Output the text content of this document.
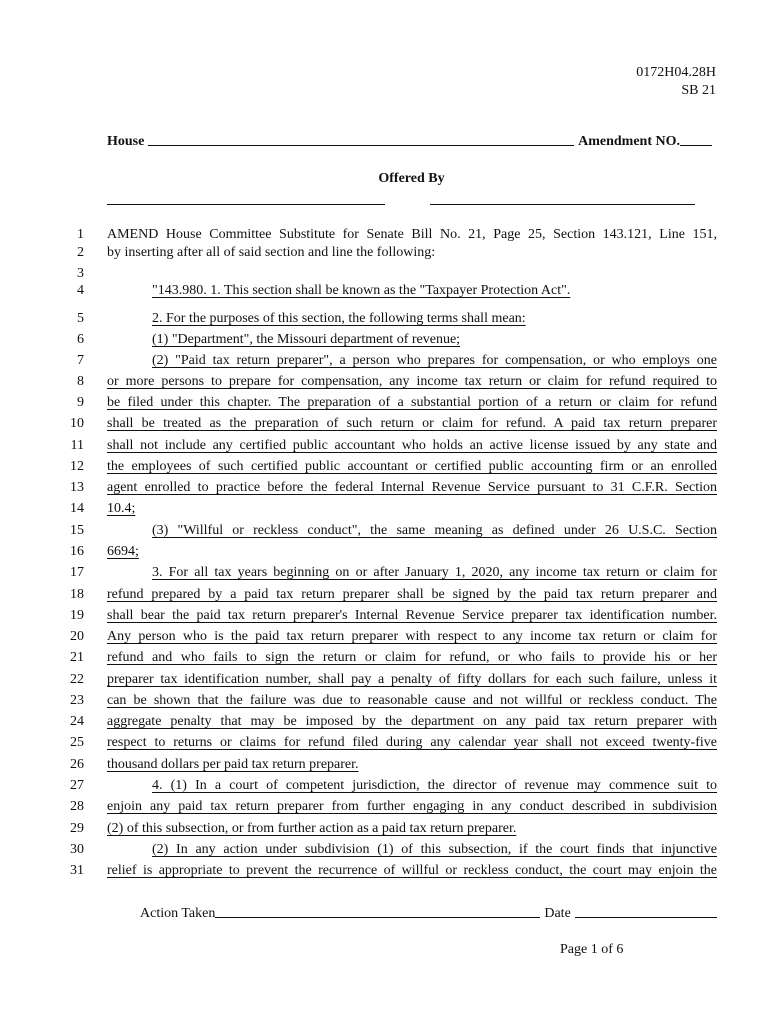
0172H04.28H
SB 21
House	Amendment NO.
Offered By
1 AMEND House Committee Substitute for Senate Bill No. 21, Page 25, Section 143.121, Line 151,
2 by inserting after all of said section and line the following:
3
4	"143.980. 1. This section shall be known as the "Taxpayer Protection Act".
5	2. For the purposes of this section, the following terms shall mean:
6	(1) "Department", the Missouri department of revenue;
7	(2) "Paid tax return preparer", a person who prepares for compensation, or who employs one
8 or more persons to prepare for compensation, any income tax return or claim for refund required to
9 be filed under this chapter. The preparation of a substantial portion of a return or claim for refund
10 shall be treated as the preparation of such return or claim for refund. A paid tax return preparer
11 shall not include any certified public accountant who holds an active license issued by any state and
12 the employees of such certified public accountant or certified public accounting firm or an enrolled
13 agent enrolled to practice before the federal Internal Revenue Service pursuant to 31 C.F.R. Section
14 10.4;
15	(3) "Willful or reckless conduct", the same meaning as defined under 26 U.S.C. Section
16 6694;
17	3. For all tax years beginning on or after January 1, 2020, any income tax return or claim for
18 refund prepared by a paid tax return preparer shall be signed by the paid tax return preparer and
19 shall bear the paid tax return preparer's Internal Revenue Service preparer tax identification number.
20 Any person who is the paid tax return preparer with respect to any income tax return or claim for
21 refund and who fails to sign the return or claim for refund, or who fails to provide his or her
22 preparer tax identification number, shall pay a penalty of fifty dollars for each such failure, unless it
23 can be shown that the failure was due to reasonable cause and not willful or reckless conduct. The
24 aggregate penalty that may be imposed by the department on any paid tax return preparer with
25 respect to returns or claims for refund filed during any calendar year shall not exceed twenty-five
26 thousand dollars per paid tax return preparer.
27	4. (1) In a court of competent jurisdiction, the director of revenue may commence suit to
28 enjoin any paid tax return preparer from further engaging in any conduct described in subdivision
29 (2) of this subsection, or from further action as a paid tax return preparer.
30	(2) In any action under subdivision (1) of this subsection, if the court finds that injunctive
31 relief is appropriate to prevent the recurrence of willful or reckless conduct, the court may enjoin the
Action Taken	Date
Page 1 of 6
